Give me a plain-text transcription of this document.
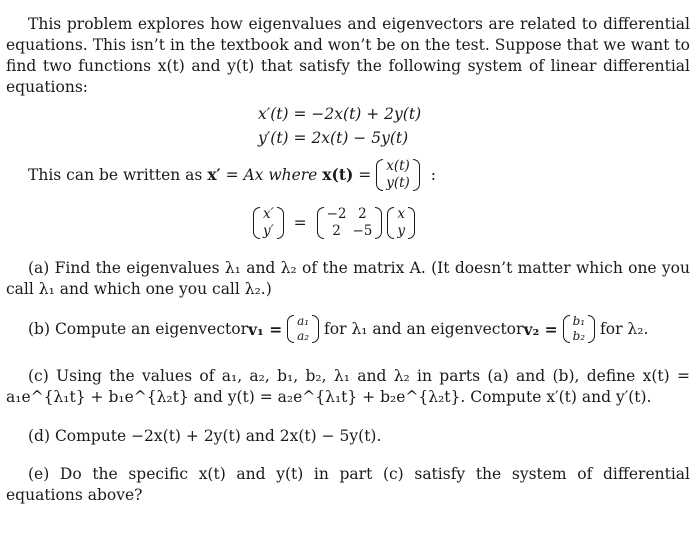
This problem explores how eigenvalues and eigenvectors are related to differential equations. This isn’t in the textbook and won’t be on the test. Suppose that we want to find two functions x(t) and y(t) that satisfy the following system of linear differential equations:

x′(t) = −2x(t) + 2y(t)
y′(t) = 2x(t) − 5y(t)
This can be written as x′ = Ax where x(t) = x(t)
y(t) :
x′
y′ = −2	2
2	−5

x
y

(a) Find the eigenvalues λ₁ and λ₂ of the matrix A. (It doesn’t matter which one you call λ₁ and which one you call λ₂.)

(b) Compute an eigenvectorv₁ = a₁
a₂ for λ₁ and an eigenvectorv₂ = b₁
b₂ for λ₂.

(c) Using the values of a₁, a₂, b₁, b₂, λ₁ and λ₂ in parts (a) and (b), define x(t) = a₁e^{λ₁t} + b₁e^{λ₂t} and y(t) = a₂e^{λ₁t} + b₂e^{λ₂t}. Compute x′(t) and y′(t).

(d) Compute −2x(t) + 2y(t) and 2x(t) − 5y(t).

(e) Do the specific x(t) and y(t) in part (c) satisfy the system of differential equations above?
